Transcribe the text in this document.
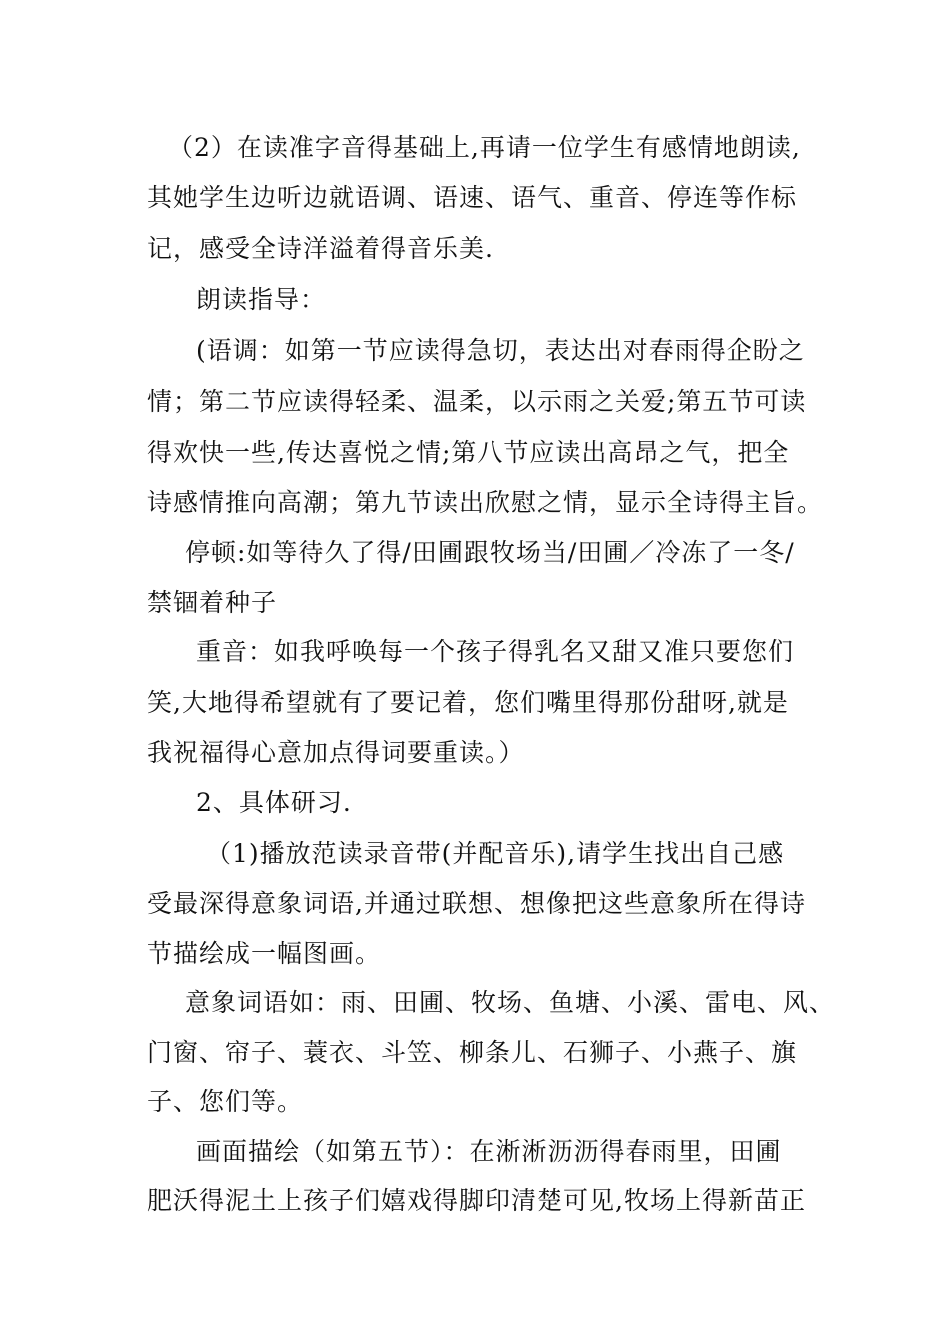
（2）在读准字音得基础上,再请一位学生有感情地朗读,
其她学生边听边就语调、语速、语气、重音、停连等作标
记，感受全诗洋溢着得音乐美.
朗读指导：
(语调：如第一节应读得急切，表达出对春雨得企盼之
情；第二节应读得轻柔、温柔，以示雨之关爱;第五节可读
得欢快一些,传达喜悦之情;第八节应读出高昂之气，把全
诗感情推向高潮；第九节读出欣慰之情，显示全诗得主旨。
停顿:如等待久了得/田圃跟牧场当/田圃／冷冻了一冬/
禁锢着种子
重音：如我呼唤每一个孩子得乳名又甜又准只要您们
笑,大地得希望就有了要记着，您们嘴里得那份甜呀,就是
我祝福得心意加点得词要重读。）
2、具体研习.
（1)播放范读录音带(并配音乐),请学生找出自己感
受最深得意象词语,并通过联想、想像把这些意象所在得诗
节描绘成一幅图画。
意象词语如：雨、田圃、牧场、鱼塘、小溪、雷电、风、
门窗、帘子、蓑衣、斗笠、柳条儿、石狮子、小燕子、旗
子、您们等。
画面描绘（如第五节）：在淅淅沥沥得春雨里，田圃
肥沃得泥土上孩子们嬉戏得脚印清楚可见,牧场上得新苗正
